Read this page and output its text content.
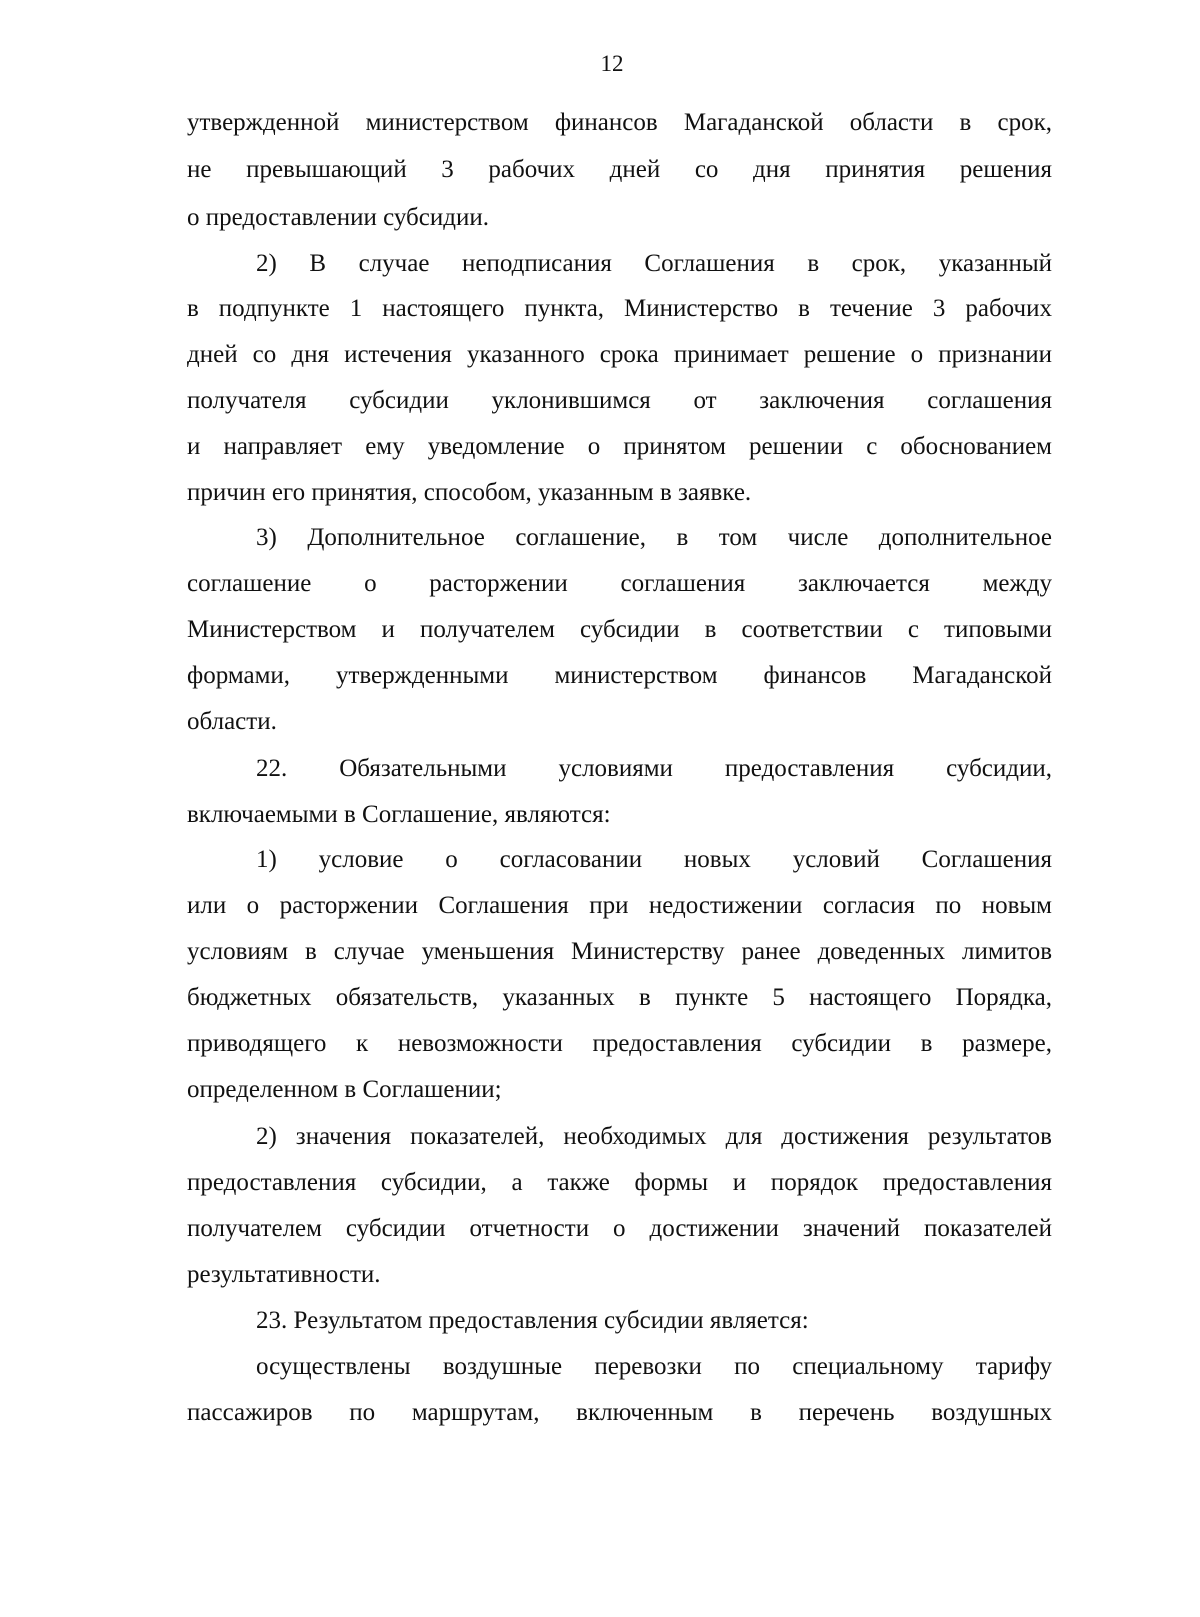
12
утвержденной министерством финансов Магаданской области в срок,
не превышающий 3 рабочих дней со дня принятия решения
о предоставлении субсидии.
2) В случае неподписания Соглашения в срок, указанный
в подпункте 1 настоящего пункта, Министерство в течение 3 рабочих
дней со дня истечения указанного срока принимает решение о признании
получателя субсидии уклонившимся от заключения соглашения
и направляет ему уведомление о принятом решении с обоснованием
причин его принятия, способом, указанным в заявке.
3) Дополнительное соглашение, в том числе дополнительное
соглашение о расторжении соглашения заключается между
Министерством и получателем субсидии в соответствии с типовыми
формами, утвержденными министерством финансов Магаданской
области.
22. Обязательными условиями предоставления субсидии,
включаемыми в Соглашение, являются:
1) условие о согласовании новых условий Соглашения
или о расторжении Соглашения при недостижении согласия по новым
условиям в случае уменьшения Министерству ранее доведенных лимитов
бюджетных обязательств, указанных в пункте 5 настоящего Порядка,
приводящего к невозможности предоставления субсидии в размере,
определенном в Соглашении;
2) значения показателей, необходимых для достижения результатов
предоставления субсидии, а также формы и порядок предоставления
получателем субсидии отчетности о достижении значений показателей
результативности.
23. Результатом предоставления субсидии является:
осуществлены воздушные перевозки по специальному тарифу
пассажиров по маршрутам, включенным в перечень воздушных
